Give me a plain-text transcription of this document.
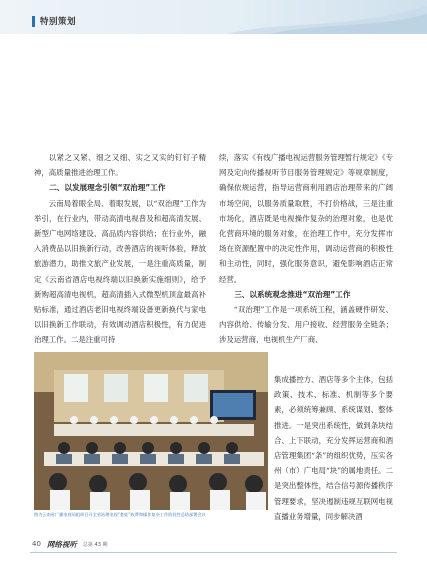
特别策划

以紧之又紧、细之又细、实之又实的钉钉子精神，高质量推进治理工作。

二、以发展理念引领“双治理”工作

云南局着眼全局、着眼发展，以“双治理”工作为举引，在行业内，带动高清电视普及和超高清发展、新型广电网络建设、高品质内容供给；在行业外，融入消费品以旧换新行动，改善酒店的视听体验，释放旅游潜力，助推文旅产业发展，一是注重高质量，制定《云南省酒店电视终端以旧换新实施细则》，给予新购超高清电视机，超高清插入式微型机顶盒最高补贴标准，通过酒店老旧电视终端设备更新换代与家电以旧换新工作联动，有效调动酒店积极性，有力促进治理工作。二是注重可持

续，落实《有线广播电视运营服务管理暂行规定》《专网及定向传播视听节目服务管理规定》等规章制度，确保依规运营，指导运营商利用酒店治理带来的广阔市场空间，以服务质量取胜，不打价格战，三是注重市场化，酒店既是电视操作复杂的治理对象，也是优化营商环境的服务对象，在治理工作中，充分发挥市场在资源配置中的决定性作用，调动运营商的积极性和主动性，同时，强化服务意识，避免影响酒店正常经营。

三、以系统观念推进“双治理”工作

“双治理”工作是一项系统工程，涵盖硬件研发、内容供给、传输分发、用户接收、经营服务全链条；涉及运营商、电视机生产厂商、

集成播控方、酒店等多个主体，包括政策、技术、标准、机制等多个要素，必须统筹兼顾、系统谋划、整体推进。一是突出系统性，做到条块结合、上下联动，充分发挥运营商和酒店管理集团“条”的组织优势，压实各州（市）广电局“块”的属地责任。二是突出整体性，结合信号源传播秩序管理要求，坚决遏制违规互联网电视直播业务增量，同步解决酒

图为云南省广播电视局组织召开全省治理电视“套娃”收费和操作复杂工作阶段性总结部署会议
40 网络视听 总第 43 期
